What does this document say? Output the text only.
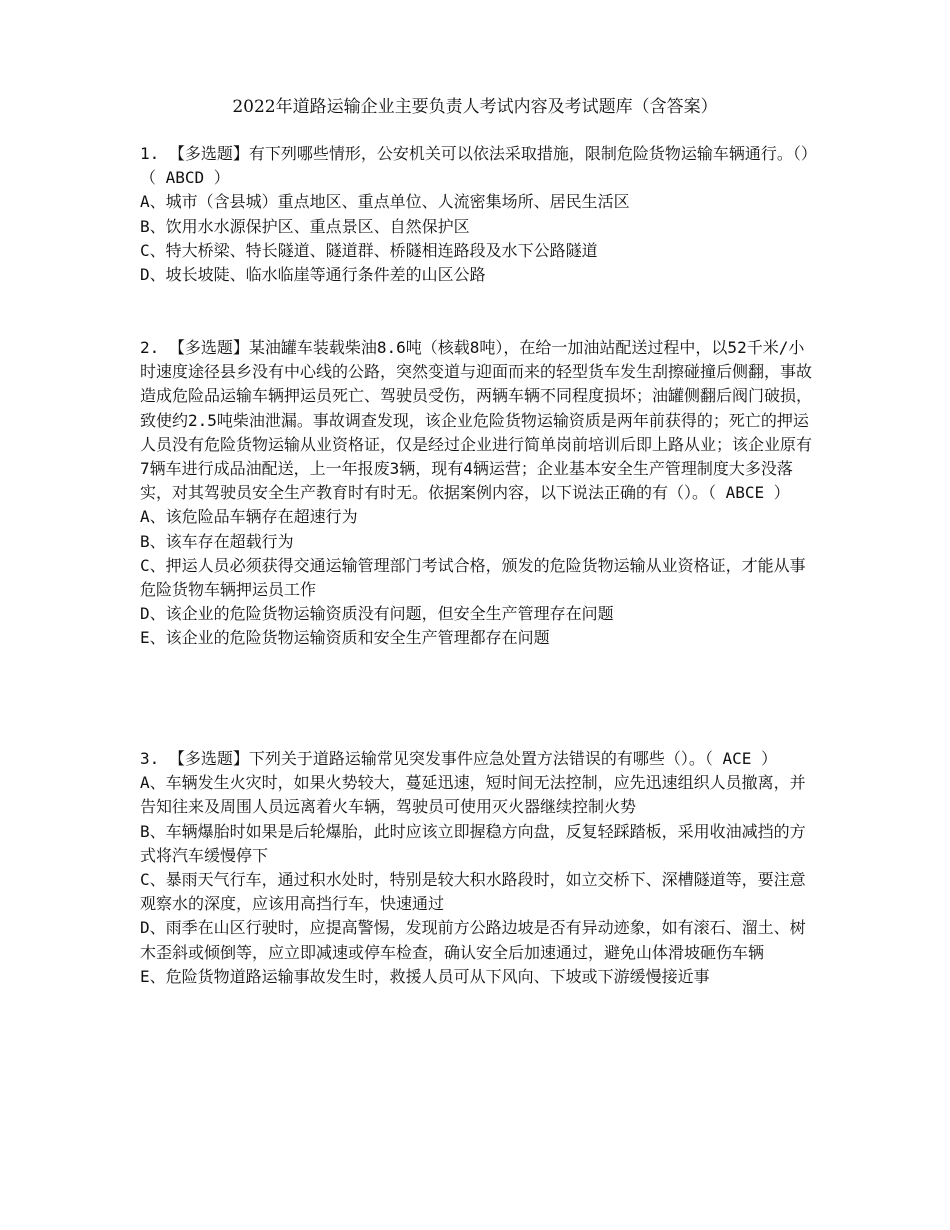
2022年道路运输企业主要负责人考试内容及考试题库（含答案）

1. 【多选题】有下列哪些情形，公安机关可以依法采取措施，限制危险货物运输车辆通行。（）（ ABCD ）

A、城市（含县城）重点地区、重点单位、人流密集场所、居民生活区

B、饮用水水源保护区、重点景区、自然保护区

C、特大桥梁、特长隧道、隧道群、桥隧相连路段及水下公路隧道

D、坡长坡陡、临水临崖等通行条件差的山区公路

2. 【多选题】某油罐车装载柴油8.6吨（核载8吨），在给一加油站配送过程中，以52千米/小时速度途径县乡没有中心线的公路，突然变道与迎面而来的轻型货车发生刮擦碰撞后侧翻，事故造成危险品运输车辆押运员死亡、驾驶员受伤，两辆车辆不同程度损坏；油罐侧翻后阀门破损，致使约2.5吨柴油泄漏。事故调查发现，该企业危险货物运输资质是两年前获得的；死亡的押运人员没有危险货物运输从业资格证，仅是经过企业进行简单岗前培训后即上路从业；该企业原有7辆车进行成品油配送，上一年报废3辆，现有4辆运营；企业基本安全生产管理制度大多没落实，对其驾驶员安全生产教育时有时无。依据案例内容，以下说法正确的有（）。（ ABCE ）

A、该危险品车辆存在超速行为

B、该车存在超载行为

C、押运人员必须获得交通运输管理部门考试合格，颁发的危险货物运输从业资格证，才能从事危险货物车辆押运员工作

D、该企业的危险货物运输资质没有问题，但安全生产管理存在问题

E、该企业的危险货物运输资质和安全生产管理都存在问题

3. 【多选题】下列关于道路运输常见突发事件应急处置方法错误的有哪些（）。（ ACE ）

A、车辆发生火灾时，如果火势较大，蔓延迅速，短时间无法控制，应先迅速组织人员撤离，并告知往来及周围人员远离着火车辆，驾驶员可使用灭火器继续控制火势

B、车辆爆胎时如果是后轮爆胎，此时应该立即握稳方向盘，反复轻踩踏板，采用收油减挡的方式将汽车缓慢停下

C、暴雨天气行车，通过积水处时，特别是较大积水路段时，如立交桥下、深槽隧道等，要注意观察水的深度，应该用高挡行车，快速通过

D、雨季在山区行驶时，应提高警惕，发现前方公路边坡是否有异动迹象，如有滚石、溜土、树木歪斜或倾倒等，应立即减速或停车检查，确认安全后加速通过，避免山体滑坡砸伤车辆

E、危险货物道路运输事故发生时，救援人员可从下风向、下坡或下游缓慢接近事
